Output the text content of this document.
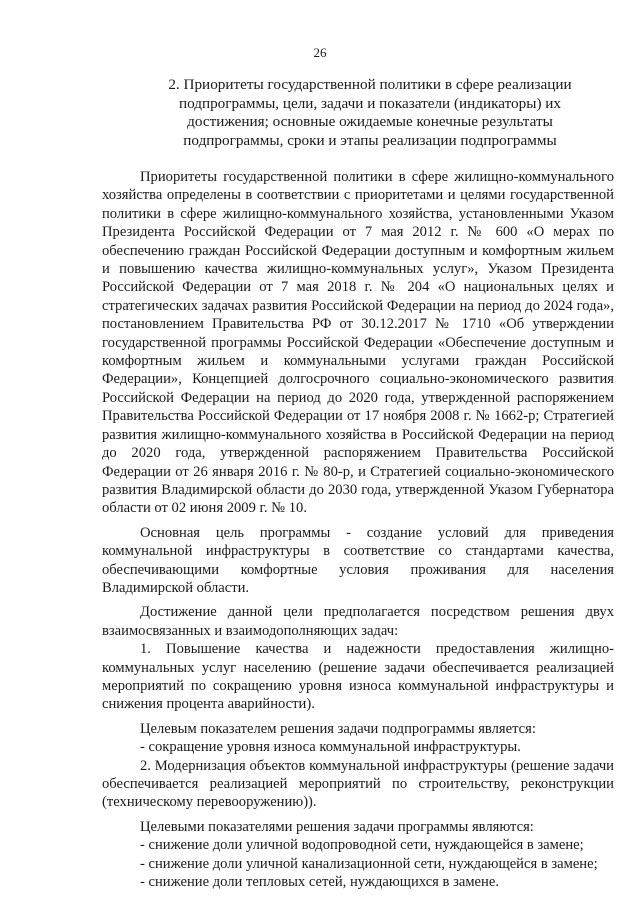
26
2. Приоритеты государственной политики в сфере реализации подпрограммы, цели, задачи и показатели (индикаторы) их достижения; основные ожидаемые конечные результаты подпрограммы, сроки и этапы реализации подпрограммы

Приоритеты государственной политики в сфере жилищно-коммунального хозяйства определены в соответствии с приоритетами и целями государственной политики в сфере жилищно-коммунального хозяйства, установленными Указом Президента Российской Федерации от 7 мая 2012 г. № 600 «О мерах по обеспечению граждан Российской Федерации доступным и комфортным жильем и повышению качества жилищно-коммунальных услуг», Указом Президента Российской Федерации от 7 мая 2018 г. № 204 «О национальных целях и стратегических задачах развития Российской Федерации на период до 2024 года», постановлением Правительства РФ от 30.12.2017 № 1710 «Об утверждении государственной программы Российской Федерации «Обеспечение доступным и комфортным жильем и коммунальными услугами граждан Российской Федерации», Концепцией долгосрочного социально-экономического развития Российской Федерации на период до 2020 года, утвержденной распоряжением Правительства Российской Федерации от 17 ноября 2008 г. № 1662-р; Стратегией развития жилищно-коммунального хозяйства в Российской Федерации на период до 2020 года, утвержденной распоряжением Правительства Российской Федерации от 26 января 2016 г. № 80-р, и Стратегией социально-экономического развития Владимирской области до 2030 года, утвержденной Указом Губернатора области от 02 июня 2009 г. № 10.

Основная цель программы - создание условий для приведения коммунальной инфраструктуры в соответствие со стандартами качества, обеспечивающими комфортные условия проживания для населения Владимирской области.

Достижение данной цели предполагается посредством решения двух взаимосвязанных и взаимодополняющих задач:

1. Повышение качества и надежности предоставления жилищно-коммунальных услуг населению (решение задачи обеспечивается реализацией мероприятий по сокращению уровня износа коммунальной инфраструктуры и снижения процента аварийности).

Целевым показателем решения задачи подпрограммы является:

- сокращение уровня износа коммунальной инфраструктуры.

2. Модернизация объектов коммунальной инфраструктуры (решение задачи обеспечивается реализацией мероприятий по строительству, реконструкции (техническому перевооружению)).

Целевыми показателями решения задачи программы являются:

- снижение доли уличной водопроводной сети, нуждающейся в замене;

- снижение доли уличной канализационной сети, нуждающейся в замене;

- снижение доли тепловых сетей, нуждающихся в замене.
